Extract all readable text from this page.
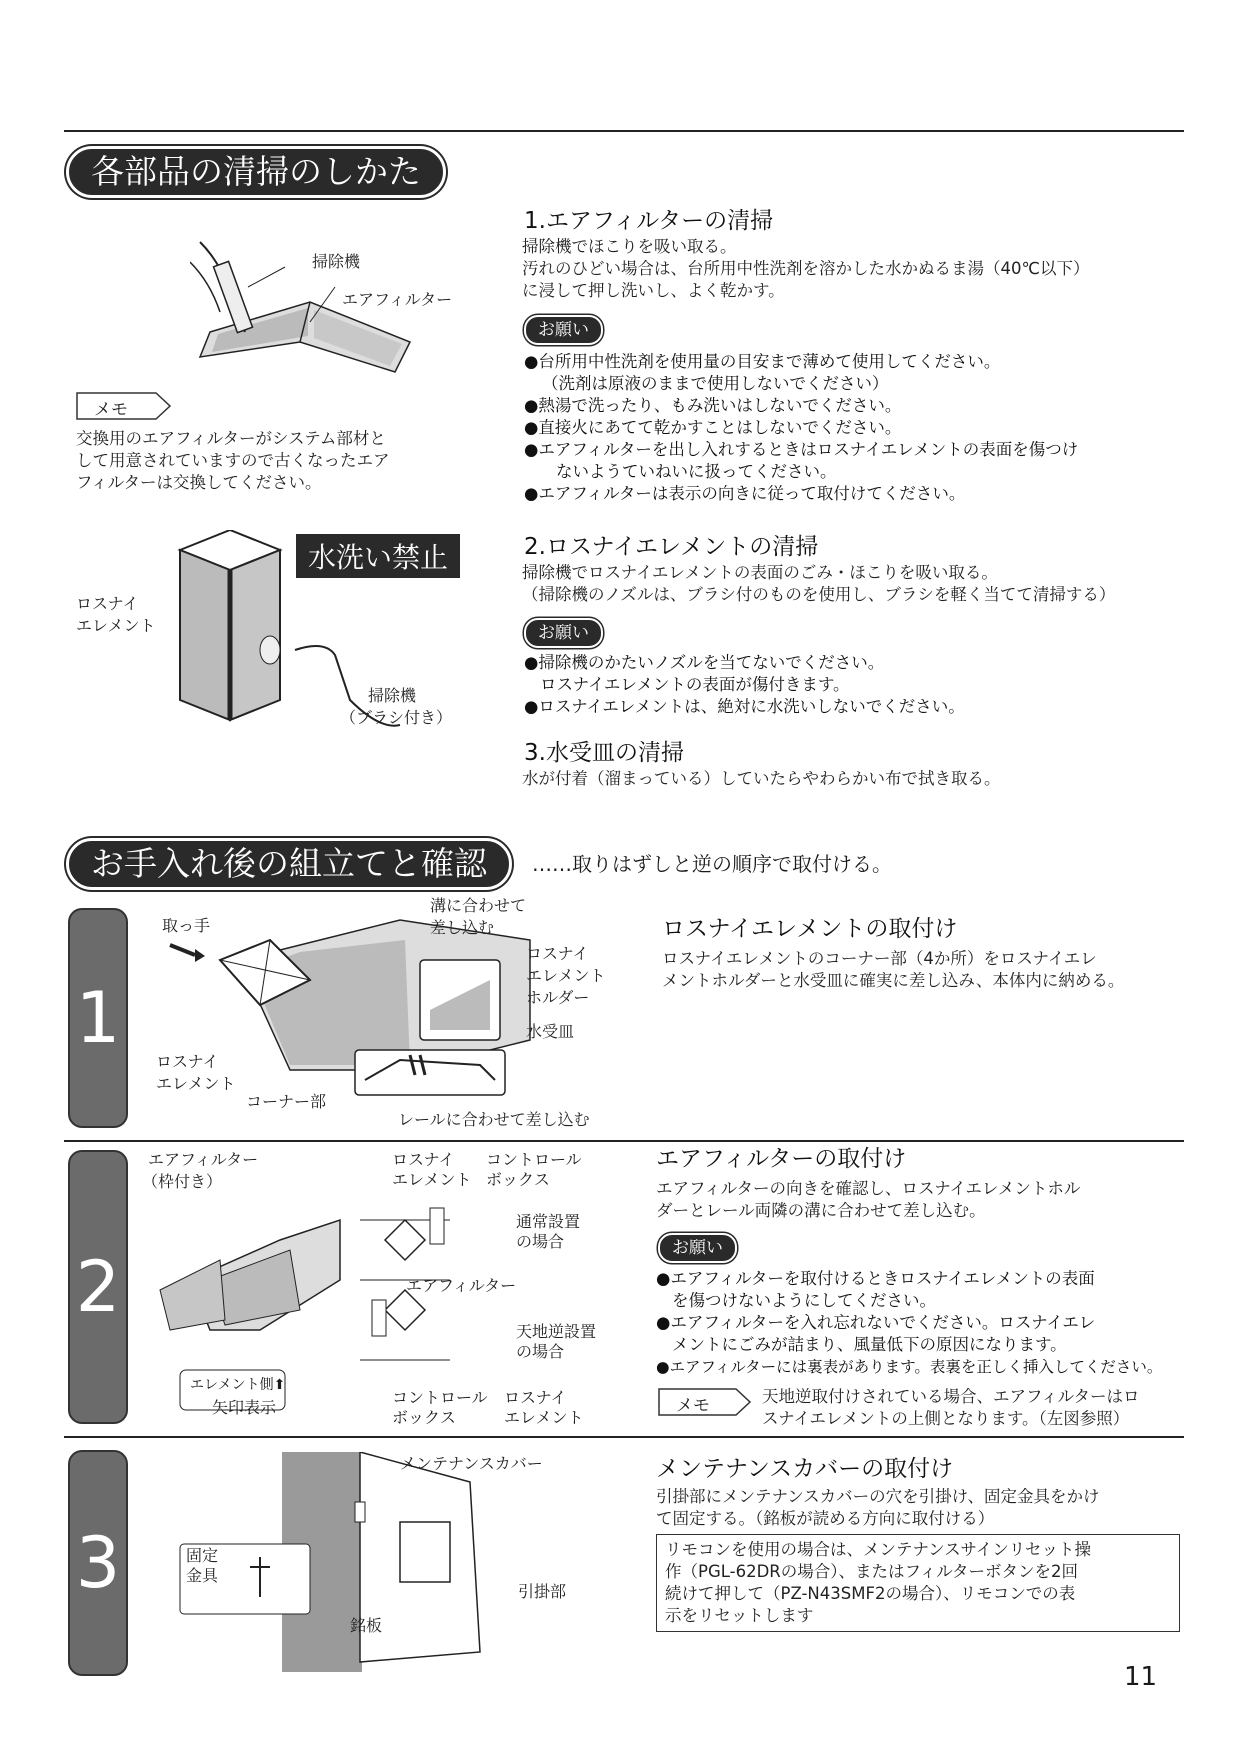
各部品の清掃のしかた
掃除機
エアフィルター
メモ
交換用のエアフィルターがシステム部材と
して用意されていますので古くなったエア
フィルターは交換してください。
水洗い禁止
ロスナイ
エレメント
掃除機
（ブラシ付き）
1.エアフィルターの清掃
掃除機でほこりを吸い取る。
汚れのひどい場合は、台所用中性洗剤を溶かした水かぬるま湯（40℃以下）
に浸して押し洗いし、よく乾かす。
お願い
●台所用中性洗剤を使用量の目安まで薄めて使用してください。
（洗剤は原液のままで使用しないでください）
●熱湯で洗ったり、もみ洗いはしないでください。
●直接火にあてて乾かすことはしないでください。
●エアフィルターを出し入れするときはロスナイエレメントの表面を傷つけ
ないようていねいに扱ってください。
●エアフィルターは表示の向きに従って取付けてください。
2.ロスナイエレメントの清掃
掃除機でロスナイエレメントの表面のごみ・ほこりを吸い取る。
（掃除機のノズルは、ブラシ付のものを使用し、ブラシを軽く当てて清掃する）
お願い
●掃除機のかたいノズルを当てないでください。
ロスナイエレメントの表面が傷付きます。
●ロスナイエレメントは、絶対に水洗いしないでください。
3.水受皿の清掃
水が付着（溜まっている）していたらやわらかい布で拭き取る。
お手入れ後の組立てと確認	……取りはずしと逆の順序で取付ける。
1
取っ手
溝に合わせて
差し込む
ロスナイ
エレメント
ホルダー
水受皿
ロスナイ
エレメント
コーナー部
レールに合わせて差し込む
ロスナイエレメントの取付け
ロスナイエレメントのコーナー部（4か所）をロスナイエレ
メントホルダーと水受皿に確実に差し込み、本体内に納める。
2
エアフィルター
（枠付き）
エレメント側⬆
矢印表示
ロスナイ
エレメント
コントロール
ボックス
通常設置
の場合
エアフィルター
天地逆設置
の場合
コントロール
ボックス
ロスナイ
エレメント
エアフィルターの取付け
エアフィルターの向きを確認し、ロスナイエレメントホル
ダーとレール両隣の溝に合わせて差し込む。
お願い
●エアフィルターを取付けるときロスナイエレメントの表面
を傷つけないようにしてください。
●エアフィルターを入れ忘れないでください。ロスナイエレ
メントにごみが詰まり、風量低下の原因になります。
●エアフィルターには裏表があります。表裏を正しく挿入してください。
メモ	天地逆取付けされている場合、エアフィルターはロ
スナイエレメントの上側となります。（左図参照）
3
メンテナンスカバー
固定
金具
引掛部
銘板
メンテナンスカバーの取付け
引掛部にメンテナンスカバーの穴を引掛け、固定金具をかけ
て固定する。（銘板が読める方向に取付ける）
リモコンを使用の場合は、メンテナンスサインリセット操
作（PGL-62DRの場合）、またはフィルターボタンを2回
続けて押して（PZ-N43SMF2の場合）、リモコンでの表
示をリセットします
11
